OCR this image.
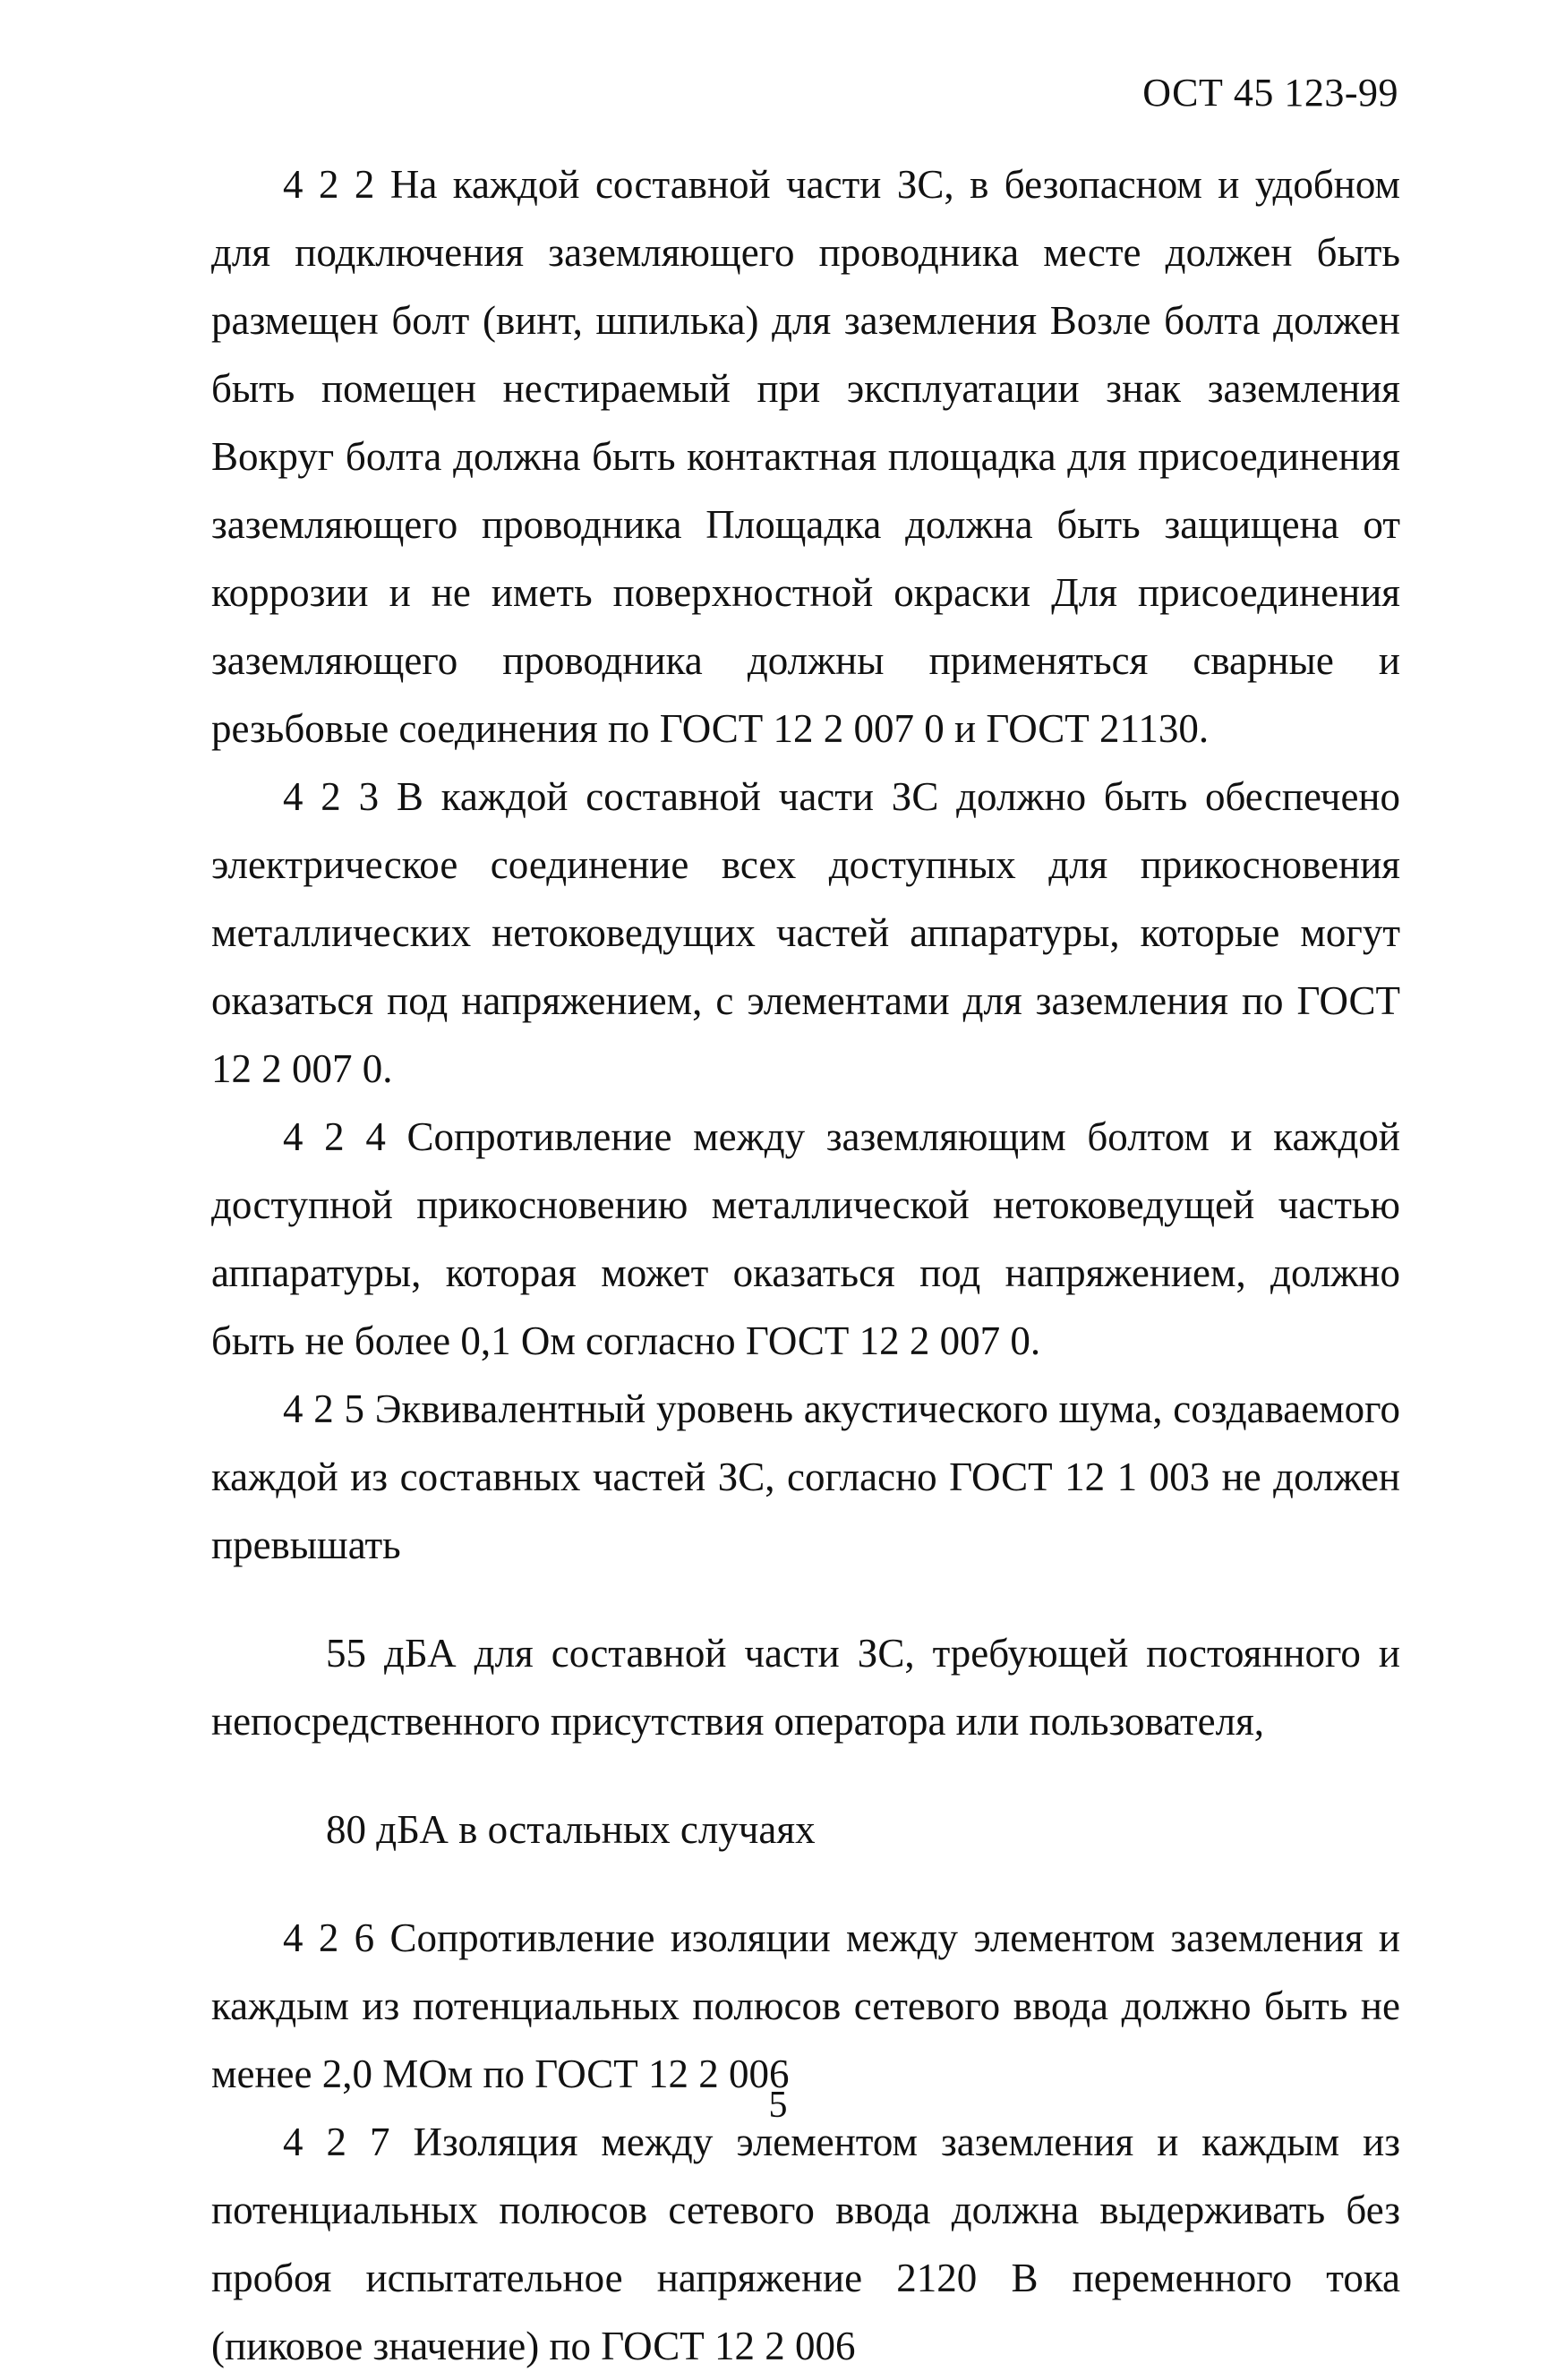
ОСТ 45 123-99

4 2 2 На каждой составной части ЗС, в безопасном и удобном для подключения заземляющего проводника месте должен быть размещен болт (винт, шпилька) для заземления Возле болта должен быть помещен нестираемый при эксплуатации знак заземления Вокруг болта должна быть контактная площадка для присоединения заземляющего проводника Площадка должна быть защищена от коррозии и не иметь поверхностной окраски Для присоединения заземляющего проводника должны применяться сварные и резьбовые соединения по ГОСТ 12 2 007 0 и ГОСТ 21130.

4 2 3 В каждой составной части ЗС должно быть обеспечено электрическое соединение всех доступных для прикосновения металлических нетоковедущих частей аппаратуры, которые могут оказаться под напряжением, с элементами для заземления по ГОСТ 12 2 007 0.

4 2 4 Сопротивление между заземляющим болтом и каждой доступной прикосновению металлической нетоковедущей частью аппаратуры, которая может оказаться под напряжением, должно быть не более 0,1 Ом согласно ГОСТ 12 2 007 0.

4 2 5 Эквивалентный уровень акустического шума, создаваемого каждой из составных частей ЗС, согласно ГОСТ 12 1 003 не должен превышать

55 дБА для составной части ЗС, требующей постоянного и непосредственного присутствия оператора или пользователя,

80 дБА в остальных случаях

4 2 6 Сопротивление изоляции между элементом заземления и каждым из потенциальных полюсов сетевого ввода должно быть не менее 2,0 МОм по ГОСТ 12 2 006

4 2 7 Изоляция между элементом заземления и каждым из потенциальных полюсов сетевого ввода должна выдерживать без пробоя испытательное напряжение 2120 В переменного тока (пиковое значение) по ГОСТ 12 2 006

5
